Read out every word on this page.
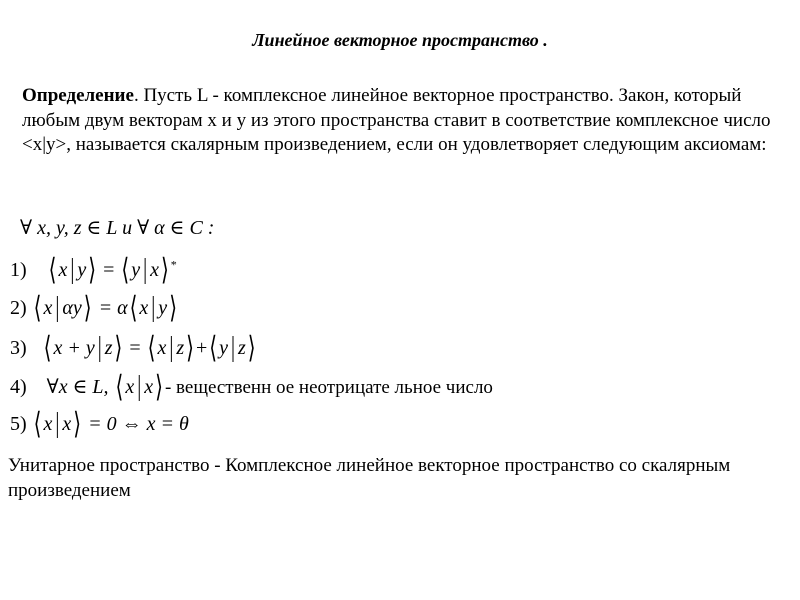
Линейное векторное пространство .
Определение. Пусть L - комплексное линейное векторное пространство. Закон, который любым двум векторам х и у из этого пространства ставит в соответствие комплексное число <x|y>, называется скалярным произведением, если он удовлетворяет следующим аксиомам:
∀ x, y, z ∈ L и ∀ α ∈ C :
1) ⟨ x | y ⟩ = ⟨ y | x ⟩ *
2) ⟨ x | αy ⟩ = α ⟨ x | y ⟩
3) ⟨ x + y | z ⟩ = ⟨ x | z ⟩ + ⟨ y | z ⟩
4) ∀x ∈ L, ⟨ x | x ⟩ - вещественн ое неотрицате льное число
5) ⟨ x | x ⟩ = 0 ⇔ x = θ
Унитарное пространство - Комплексное линейное векторное пространство со скалярным произведением
